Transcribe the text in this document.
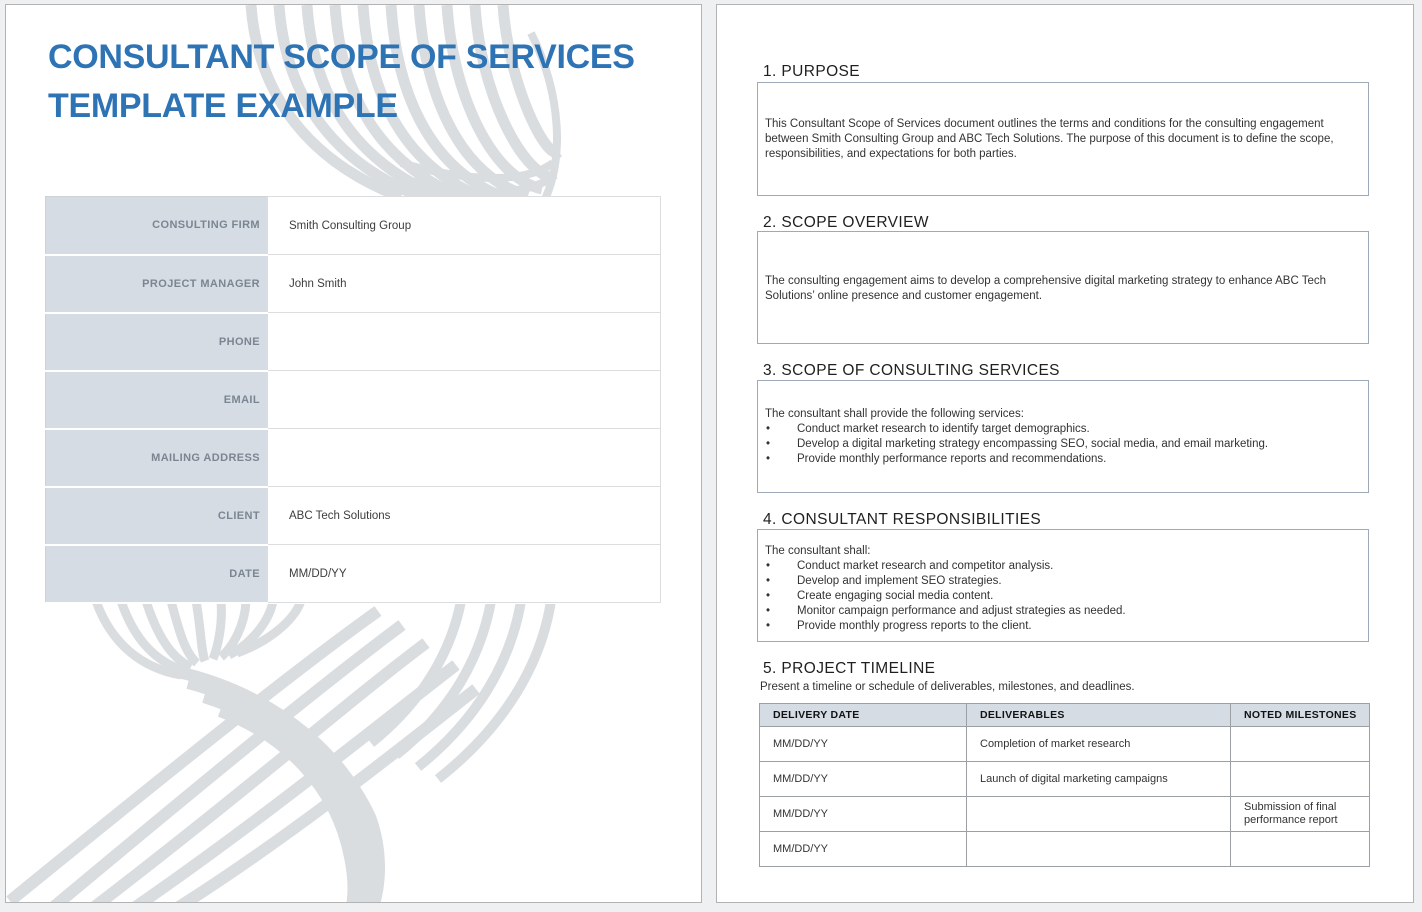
CONSULTANT SCOPE OF SERVICES
TEMPLATE EXAMPLE
CONSULTING FIRM	Smith Consulting Group
PROJECT MANAGER	John Smith
PHONE	
EMAIL	
MAILING ADDRESS	
CLIENT	ABC Tech Solutions
DATE	MM/DD/YY
1. PURPOSE

This Consultant Scope of Services document outlines the terms and conditions for the consulting engagement between Smith Consulting Group and ABC Tech Solutions. The purpose of this document is to define the scope, responsibilities, and expectations for both parties.

2. SCOPE OVERVIEW

The consulting engagement aims to develop a comprehensive digital marketing strategy to enhance ABC Tech Solutions’ online presence and customer engagement.

3. SCOPE OF CONSULTING SERVICES

The consultant shall provide the following services:

• Conduct market research to identify target demographics.
• Develop a digital marketing strategy encompassing SEO, social media, and email marketing.
• Provide monthly performance reports and recommendations.
4. CONSULTANT RESPONSIBILITIES

The consultant shall:

• Conduct market research and competitor analysis.
• Develop and implement SEO strategies.
• Create engaging social media content.
• Monitor campaign performance and adjust strategies as needed.
• Provide monthly progress reports to the client.
5. PROJECT TIMELINE
Present a timeline or schedule of deliverables, milestones, and deadlines.
DELIVERY DATE	DELIVERABLES	NOTED MILESTONES
MM/DD/YY	Completion of market research	
MM/DD/YY	Launch of digital marketing campaigns	
MM/DD/YY		Submission of final performance report
MM/DD/YY		
